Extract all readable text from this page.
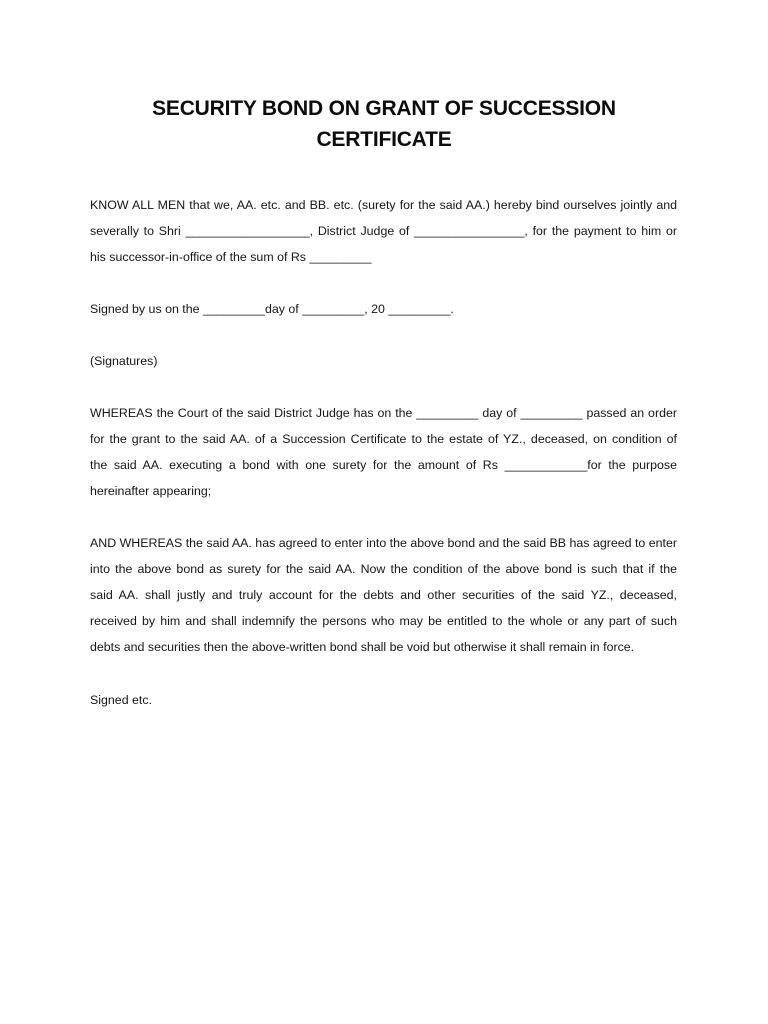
SECURITY BOND ON GRANT OF SUCCESSION
CERTIFICATE

KNOW ALL MEN that we, AA. etc. and BB. etc. (surety for the said AA.) hereby bind ourselves jointly and
severally to Shri __________________, District Judge of ________________, for the payment to him or
his successor-in-office of the sum of Rs _________

Signed by us on the _________day of _________, 20 _________.

(Signatures)

WHEREAS the Court of the said District Judge has on the _________ day of _________ passed an order
for the grant to the said AA. of a Succession Certificate to the estate of YZ., deceased, on condition of
the said AA. executing a bond with one surety for the amount of Rs ____________for the purpose
hereinafter appearing;

AND WHEREAS the said AA. has agreed to enter into the above bond and the said BB has agreed to enter
into the above bond as surety for the said AA. Now the condition of the above bond is such that if the
said AA. shall justly and truly account for the debts and other securities of the said YZ., deceased,
received by him and shall indemnify the persons who may be entitled to the whole or any part of such
debts and securities then the above-written bond shall be void but otherwise it shall remain in force.

Signed etc.
